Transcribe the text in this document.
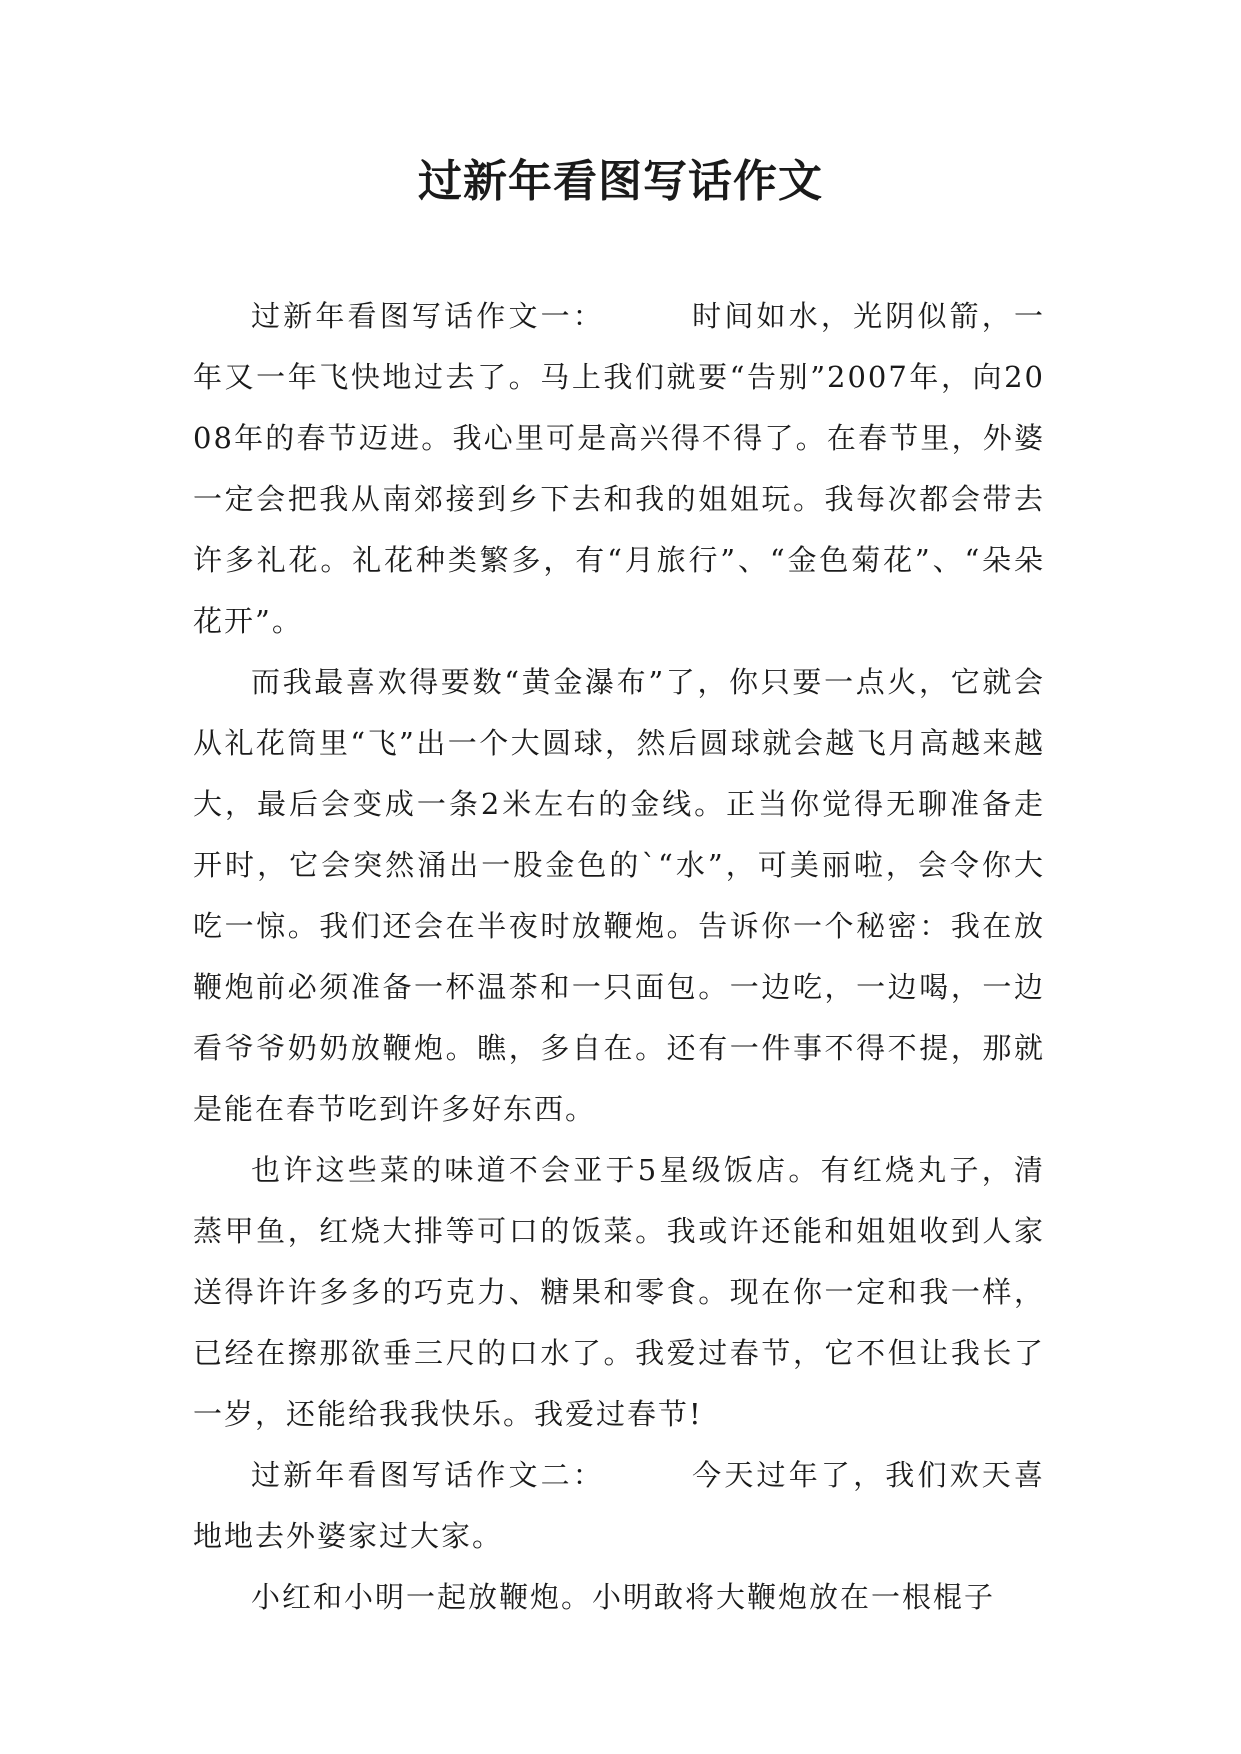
过新年看图写话作文

过新年看图写话作文一：	时间如水，光阴似箭，一年又一年飞快地过去了。马上我们就要“告别”2007年，向2008年的春节迈进。我心里可是高兴得不得了。在春节里，外婆一定会把我从南郊接到乡下去和我的姐姐玩。我每次都会带去许多礼花。礼花种类繁多，有“月旅行”、“金色菊花”、“朵朵花开”。

而我最喜欢得要数“黄金瀑布”了，你只要一点火，它就会从礼花筒里“飞”出一个大圆球，然后圆球就会越飞月高越来越大，最后会变成一条2米左右的金线。正当你觉得无聊准备走开时，它会突然涌出一股金色的`“水”，可美丽啦，会令你大吃一惊。我们还会在半夜时放鞭炮。告诉你一个秘密：我在放鞭炮前必须准备一杯温茶和一只面包。一边吃，一边喝，一边看爷爷奶奶放鞭炮。瞧，多自在。还有一件事不得不提，那就是能在春节吃到许多好东西。

也许这些菜的味道不会亚于5星级饭店。有红烧丸子，清蒸甲鱼，红烧大排等可口的饭菜。我或许还能和姐姐收到人家送得许许多多的巧克力、糖果和零食。现在你一定和我一样，已经在擦那欲垂三尺的口水了。我爱过春节，它不但让我长了一岁，还能给我我快乐。我爱过春节!

过新年看图写话作文二：	今天过年了，我们欢天喜地地去外婆家过大家。

小红和小明一起放鞭炮。小明敢将大鞭炮放在一根棍子
